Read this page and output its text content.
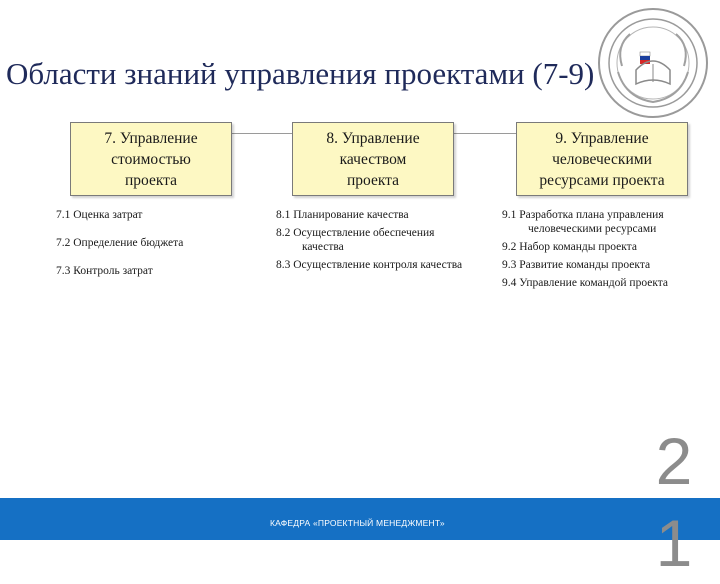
Области знаний управления проектами (7-9)
7. Управление
стоимостью
проекта
8. Управление
качеством
проекта
9. Управление
человеческими
ресурсами проекта
7.1 Оценка затрат
7.2 Определение бюджета
7.3 Контроль затрат
8.1 Планирование качества
8.2 Осуществление обеспечения качества
8.3 Осуществление контроля качества
9.1 Разработка плана управления человеческими ресурсами
9.2 Набор команды проекта
9.3 Развитие команды проекта
9.4 Управление командой проекта
КАФЕДРА «ПРОЕКТНЫЙ МЕНЕДЖМЕНТ»
21
